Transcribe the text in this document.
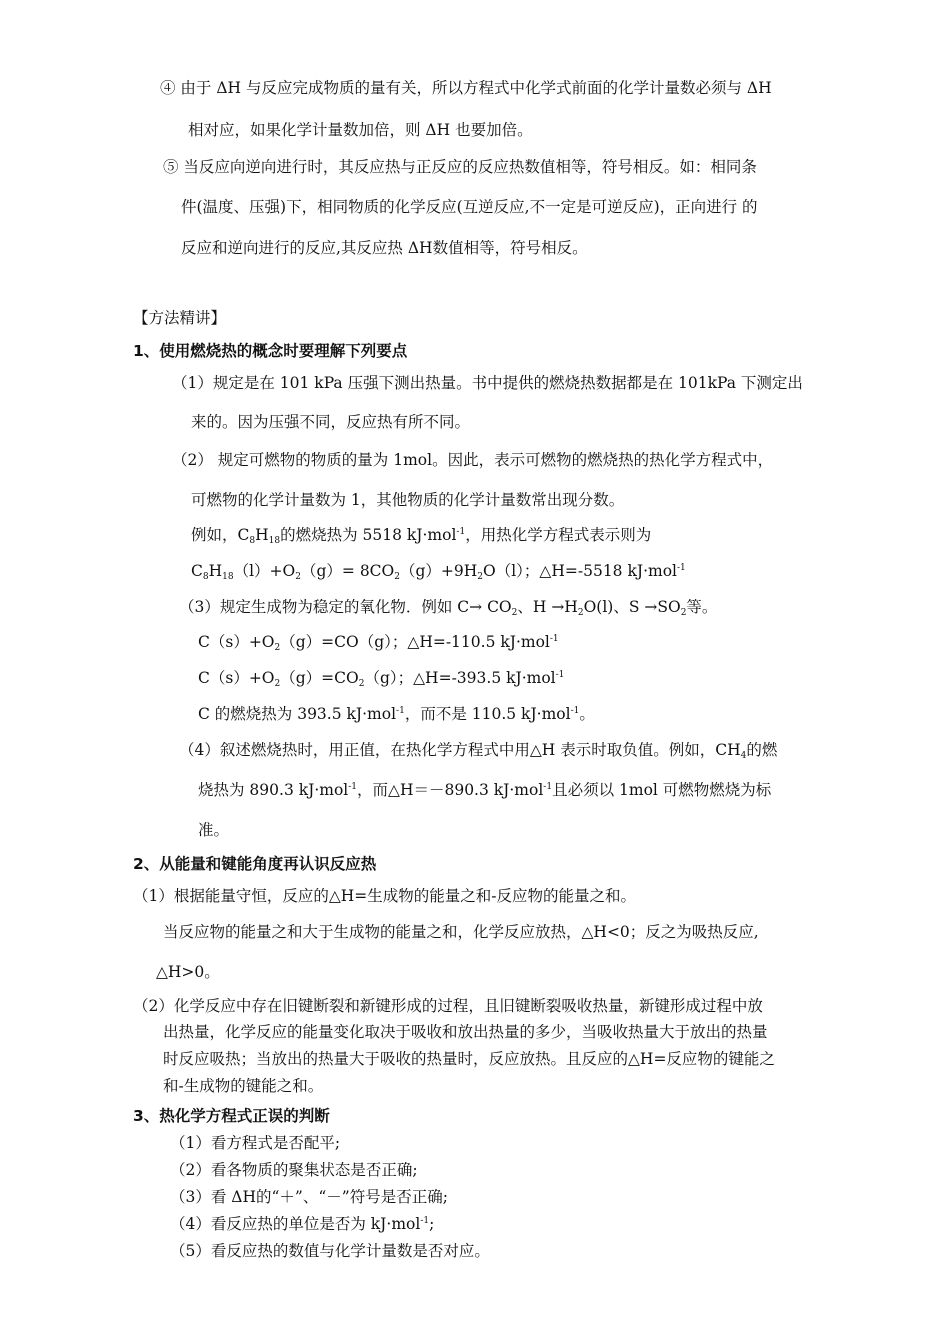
④ 由于 ΔH 与反应完成物质的量有关，所以方程式中化学式前面的化学计量数必须与 ΔH
相对应，如果化学计量数加倍，则 ΔH 也要加倍。
⑤ 当反应向逆向进行时，其反应热与正反应的反应热数值相等，符号相反。如：相同条
件(温度、压强)下，相同物质的化学反应(互逆反应,不一定是可逆反应)，正向进行 的
反应和逆向进行的反应,其反应热 ΔH数值相等，符号相反。
【方法精讲】
1、使用燃烧热的概念时要理解下列要点
（1）规定是在 101 kPa 压强下测出热量。书中提供的燃烧热数据都是在 101kPa 下测定出
来的。因为压强不同，反应热有所不同。
（2） 规定可燃物的物质的量为 1mol。因此，表示可燃物的燃烧热的热化学方程式中，
可燃物的化学计量数为 1，其他物质的化学计量数常出现分数。
例如，$C_8H_{18}$的燃烧热为 5518 kJ·mol$^{-1}$，用热化学方程式表示则为
$C_8H_{18}(l)+O_2(g)= 8CO_2(g)+9H_2O(l)$；△H=-5518 kJ·mol$^{-1}$
（3）规定生成物为稳定的氧化物．例如 $C\to CO_2$、$H \to H_2O(l)$、$S \to SO_2$等。
$C(s)+O_2(g)=CO(g)$；△H=-110.5 kJ·mol$^{-1}$
$C(s)+O_2(g)=CO_2(g)$；△H=-393.5 kJ·mol$^{-1}$
C 的燃烧热为 393.5 kJ·mol$^{-1}$，而不是 110.5 kJ·mol$^{-1}$。
（4）叙述燃烧热时，用正值，在热化学方程式中用△H 表示时取负值。例如，$CH_4$的燃
烧热为 890.3 kJ·mol$^{-1}$，而△H＝－890.3 kJ·mol$^{-1}$且必须以 1mol 可燃物燃烧为标
准。
2、从能量和键能角度再认识反应热
（1）根据能量守恒，反应的△H=生成物的能量之和-反应物的能量之和。
当反应物的能量之和大于生成物的能量之和，化学反应放热，△H<0；反之为吸热反应,
△H>0。
（2）化学反应中存在旧键断裂和新键形成的过程，且旧键断裂吸收热量，新键形成过程中放
出热量，化学反应的能量变化取决于吸收和放出热量的多少，当吸收热量大于放出的热量
时反应吸热；当放出的热量大于吸收的热量时，反应放热。且反应的△H=反应物的键能之
和-生成物的键能之和。
3、热化学方程式正误的判断
（1）看方程式是否配平;
（2）看各物质的聚集状态是否正确;
（3）看 ΔH的“＋”、“－”符号是否正确;
（4）看反应热的单位是否为 kJ·mol$^{-1}$;
（5）看反应热的数值与化学计量数是否对应。
